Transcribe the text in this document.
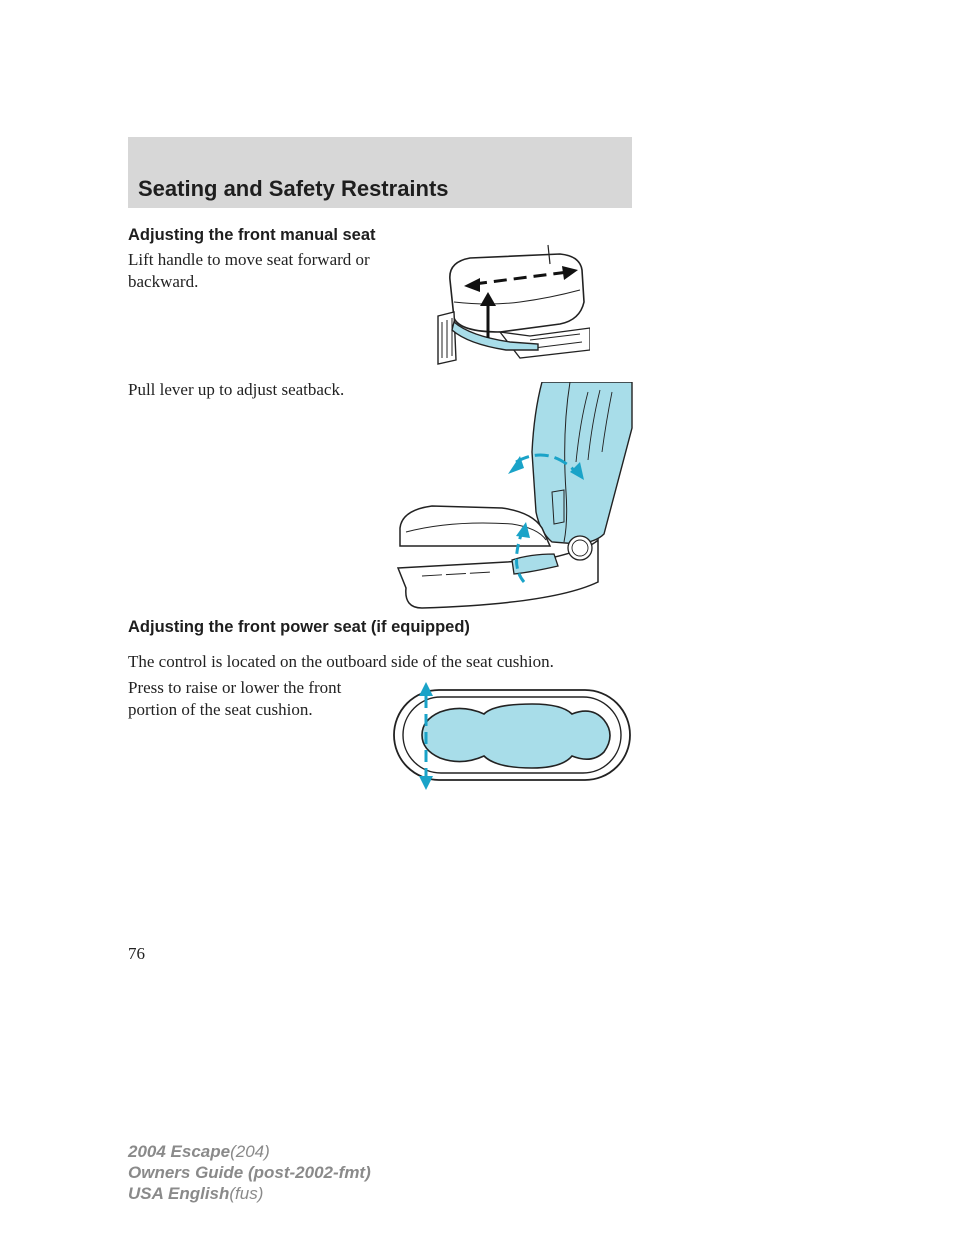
Seating and Safety Restraints
Adjusting the front manual seat
Lift handle to move seat forward or backward.
Pull lever up to adjust seatback.
Adjusting the front power seat (if equipped)
The control is located on the outboard side of the seat cushion.
Press to raise or lower the front portion of the seat cushion.
76
2004 Escape(204)
Owners Guide (post-2002-fmt)
USA English(fus)
